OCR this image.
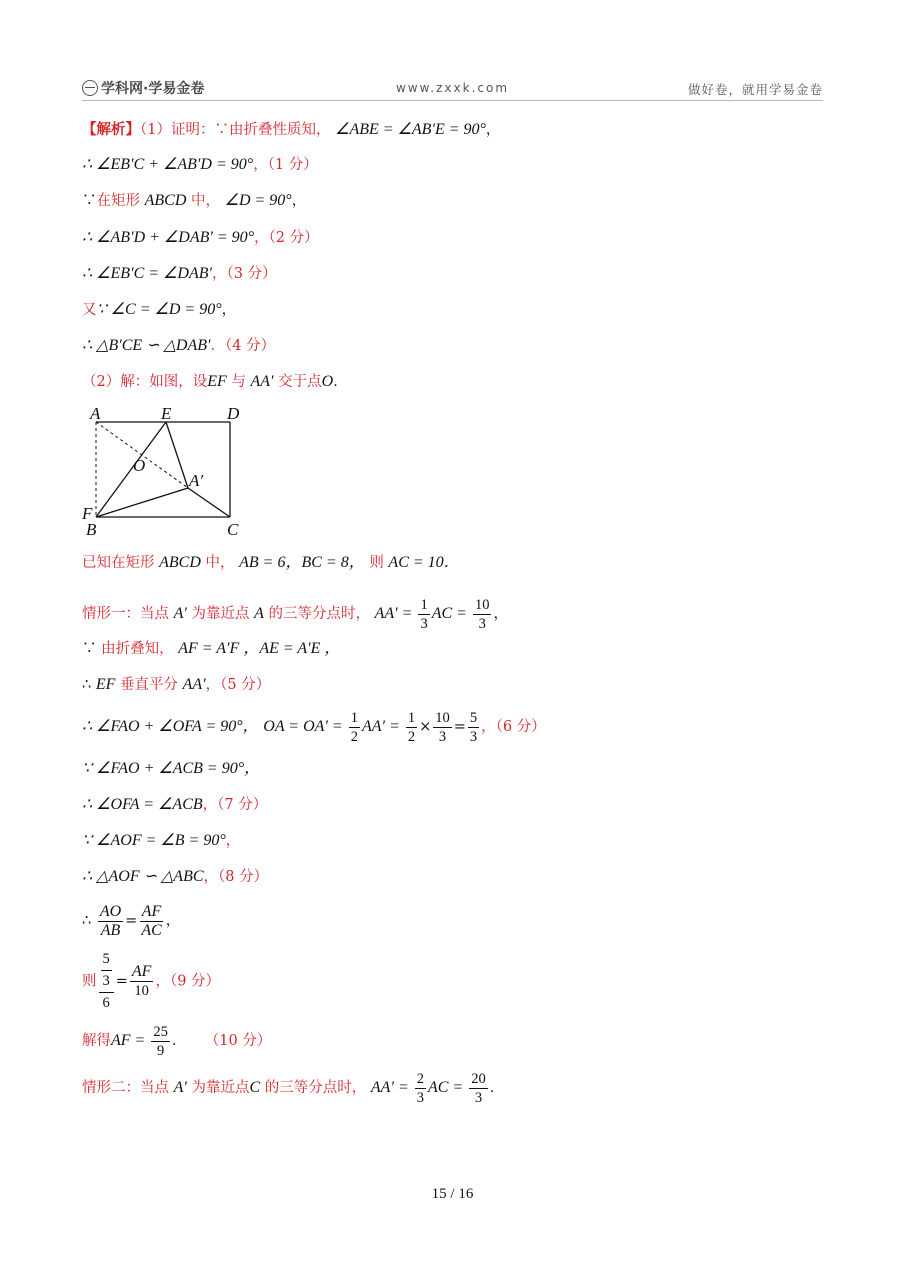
学科网·学易金卷	www.zxxk.com	做好卷，就用学易金卷
【解析】（1）证明：∵由折叠性质知， ∠ABE = ∠AB′E = 90°，
∴ ∠EB′C + ∠AB′D = 90°，（1 分）
∵在矩形 ABCD 中， ∠D = 90°，
∴ ∠AB′D + ∠DAB′ = 90°，（2 分）
∴ ∠EB′C = ∠DAB′，（3 分）
又∵ ∠C = ∠D = 90°，
∴ △B′CE ∽ △DAB′．（4 分）
（2）解：如图，设EF 与 AA′ 交于点O．
A	E	D
O
A′
F
B	C
已知在矩形 ABCD 中， AB = 6，BC = 8， 则 AC = 10．
情形一：当点 A′ 为靠近点 A 的三等分点时， $AA' = \frac{1}{3}$ AC = $\frac{10}{3}$ ，
∵ 由折叠知， AF = A′F ，AE = A′E ，
∴ EF 垂直平分 AA′，（5 分）
∴ ∠FAO + ∠OFA = 90°， OA = $OA' = \frac{1}{2} AA' = \frac{1}{2} \times \frac{10}{3} = \frac{5}{3}$ ，（6 分）
∵ ∠FAO + ∠ACB = 90°，
∴ ∠OFA = ∠ACB，（7 分）
∵ ∠AOF = ∠B = 90°，
∴ △AOF ∽ △ABC，（8 分）
∴ $\frac{AO}{AB} = \frac{AF}{AC}$ ，
则 $\frac{\frac{5}{3}}{6} = \frac{AF}{10}$ ，（9 分）
解得AF = $\frac{25}{9}$ ．    （10 分）
情形二：当点 A′ 为靠近点C 的三等分点时， $AA' = \frac{2}{3}$ AC = $\frac{20}{3}$ ．
15 / 16
